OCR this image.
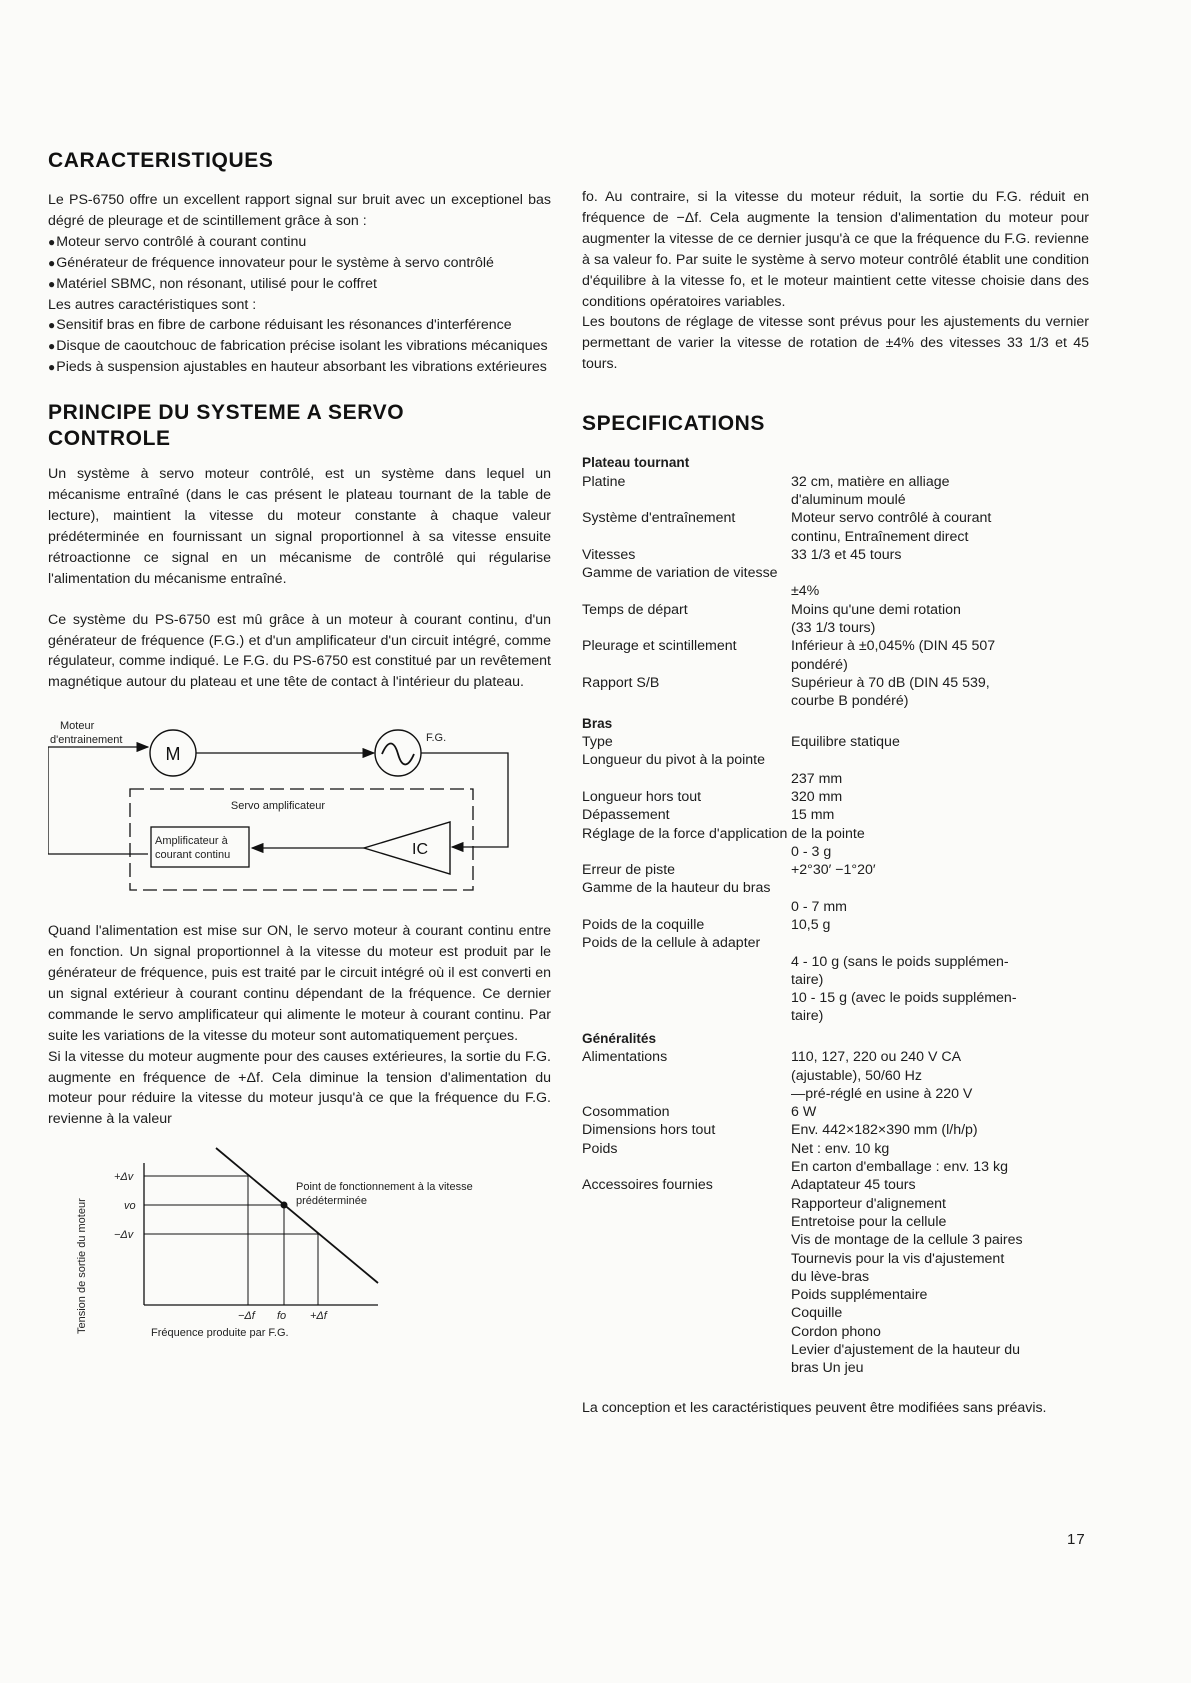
CARACTERISTIQUES

Le PS-6750 offre un excellent rapport signal sur bruit avec un exceptionel bas dégré de pleurage et de scintillement grâce à son :

● Moteur servo contrôlé à courant continu
● Générateur de fréquence innovateur pour le système à servo contrôlé
● Matériel SBMC, non résonant, utilisé pour le coffret

Les autres caractéristiques sont :

● Sensitif bras en fibre de carbone réduisant les résonances d'interférence
● Disque de caoutchouc de fabrication précise isolant les vibrations mécaniques
● Pieds à suspension ajustables en hauteur absorbant les vibrations extérieures
PRINCIPE DU SYSTEME A SERVO
CONTROLE

Un système à servo moteur contrôlé, est un système dans lequel un mécanisme entraîné (dans le cas présent le plateau tournant de la table de lecture), maintient la vitesse du moteur constante à chaque valeur prédéterminée en fournissant un signal proportionnel à sa vitesse ensuite rétroactionne ce signal en un mécanisme de contrôlé qui régularise l'alimentation du mécanisme entraîné.

Ce système du PS-6750 est mû grâce à un moteur à courant continu, d'un générateur de fréquence (F.G.) et d'un amplificateur d'un circuit intégré, comme régulateur, comme indiqué. Le F.G. du PS-6750 est constitué par un revêtement magnétique autour du plateau et une tête de contact à l'intérieur du plateau.

Moteur
d'entrainement
M
F.G.
Servo amplificateur
IC
Amplificateur à
courant continu

Quand l'alimentation est mise sur ON, le servo moteur à courant continu entre en fonction. Un signal proportionnel à la vitesse du moteur est produit par le générateur de fréquence, puis est traité par le circuit intégré où il est converti en un signal extérieur à courant continu dépendant de la fréquence. Ce dernier commande le servo amplificateur qui alimente le moteur à courant continu. Par suite les variations de la vitesse du moteur sont automatiquement perçues.

Si la vitesse du moteur augmente pour des causes extérieures, la sortie du F.G. augmente en fréquence de +Δf. Cela diminue la tension d'alimentation du moteur pour réduire la vitesse du moteur jusqu'à ce que la fréquence du F.G. revienne à la valeur

Tension de sortie du moteur
+Δv
vo
−Δv
−Δf fo +Δf
Fréquence produite par F.G.
Point de fonctionnement à la vitesse
prédéterminée

fo. Au contraire, si la vitesse du moteur réduit, la sortie du F.G. réduit en fréquence de −Δf. Cela augmente la tension d'alimentation du moteur pour augmenter la vitesse de ce dernier jusqu'à ce que la fréquence du F.G. revienne à sa valeur fo. Par suite le système à servo moteur contrôlé établit une condition d'équilibre à la vitesse fo, et le moteur maintient cette vitesse choisie dans des conditions opératoires variables.

Les boutons de réglage de vitesse sont prévus pour les ajustements du vernier permettant de varier la vitesse de rotation de ±4% des vitesses 33 1/3 et 45 tours.

SPECIFICATIONS
Plateau tournant
Platine	32 cm, matière en alliage
d'aluminum moulé
Système d'entraînement	Moteur servo contrôlé à courant
continu, Entraînement direct
Vitesses	33 1/3 et 45 tours
Gamme de variation de vitesse
±4%
Temps de départ	Moins qu'une demi rotation
(33 1/3 tours)
Pleurage et scintillement	Inférieur à ±0,045% (DIN 45 507
pondéré)
Rapport S/B	Supérieur à 70 dB (DIN 45 539,
courbe B pondéré)
Bras
Type	Equilibre statique
Longueur du pivot à la pointe
237 mm
Longueur hors tout	320 mm
Dépassement	15 mm
Réglage de la force d'application de la pointe
0 - 3 g
Erreur de piste	+2°30′ −1°20′
Gamme de la hauteur du bras
0 - 7 mm
Poids de la coquille	10,5 g
Poids de la cellule à adapter
4 - 10 g (sans le poids supplémen-
taire)
10 - 15 g (avec le poids supplémen-
taire)
Généralités
Alimentations	110, 127, 220 ou 240 V CA
(ajustable), 50/60 Hz
—pré-réglé en usine à 220 V
Cosommation	6 W
Dimensions hors tout	Env. 442×182×390 mm (l/h/p)
Poids	Net : env. 10 kg
En carton d'emballage : env. 13 kg
Accessoires fournies	Adaptateur 45 tours
Rapporteur d'alignement
Entretoise pour la cellule
Vis de montage de la cellule 3 paires
Tournevis pour la vis d'ajustement
du lève-bras
Poids supplémentaire
Coquille
Cordon phono
Levier d'ajustement de la hauteur du
bras Un jeu

La conception et les caractéristiques peuvent être modifiées sans préavis.

17
